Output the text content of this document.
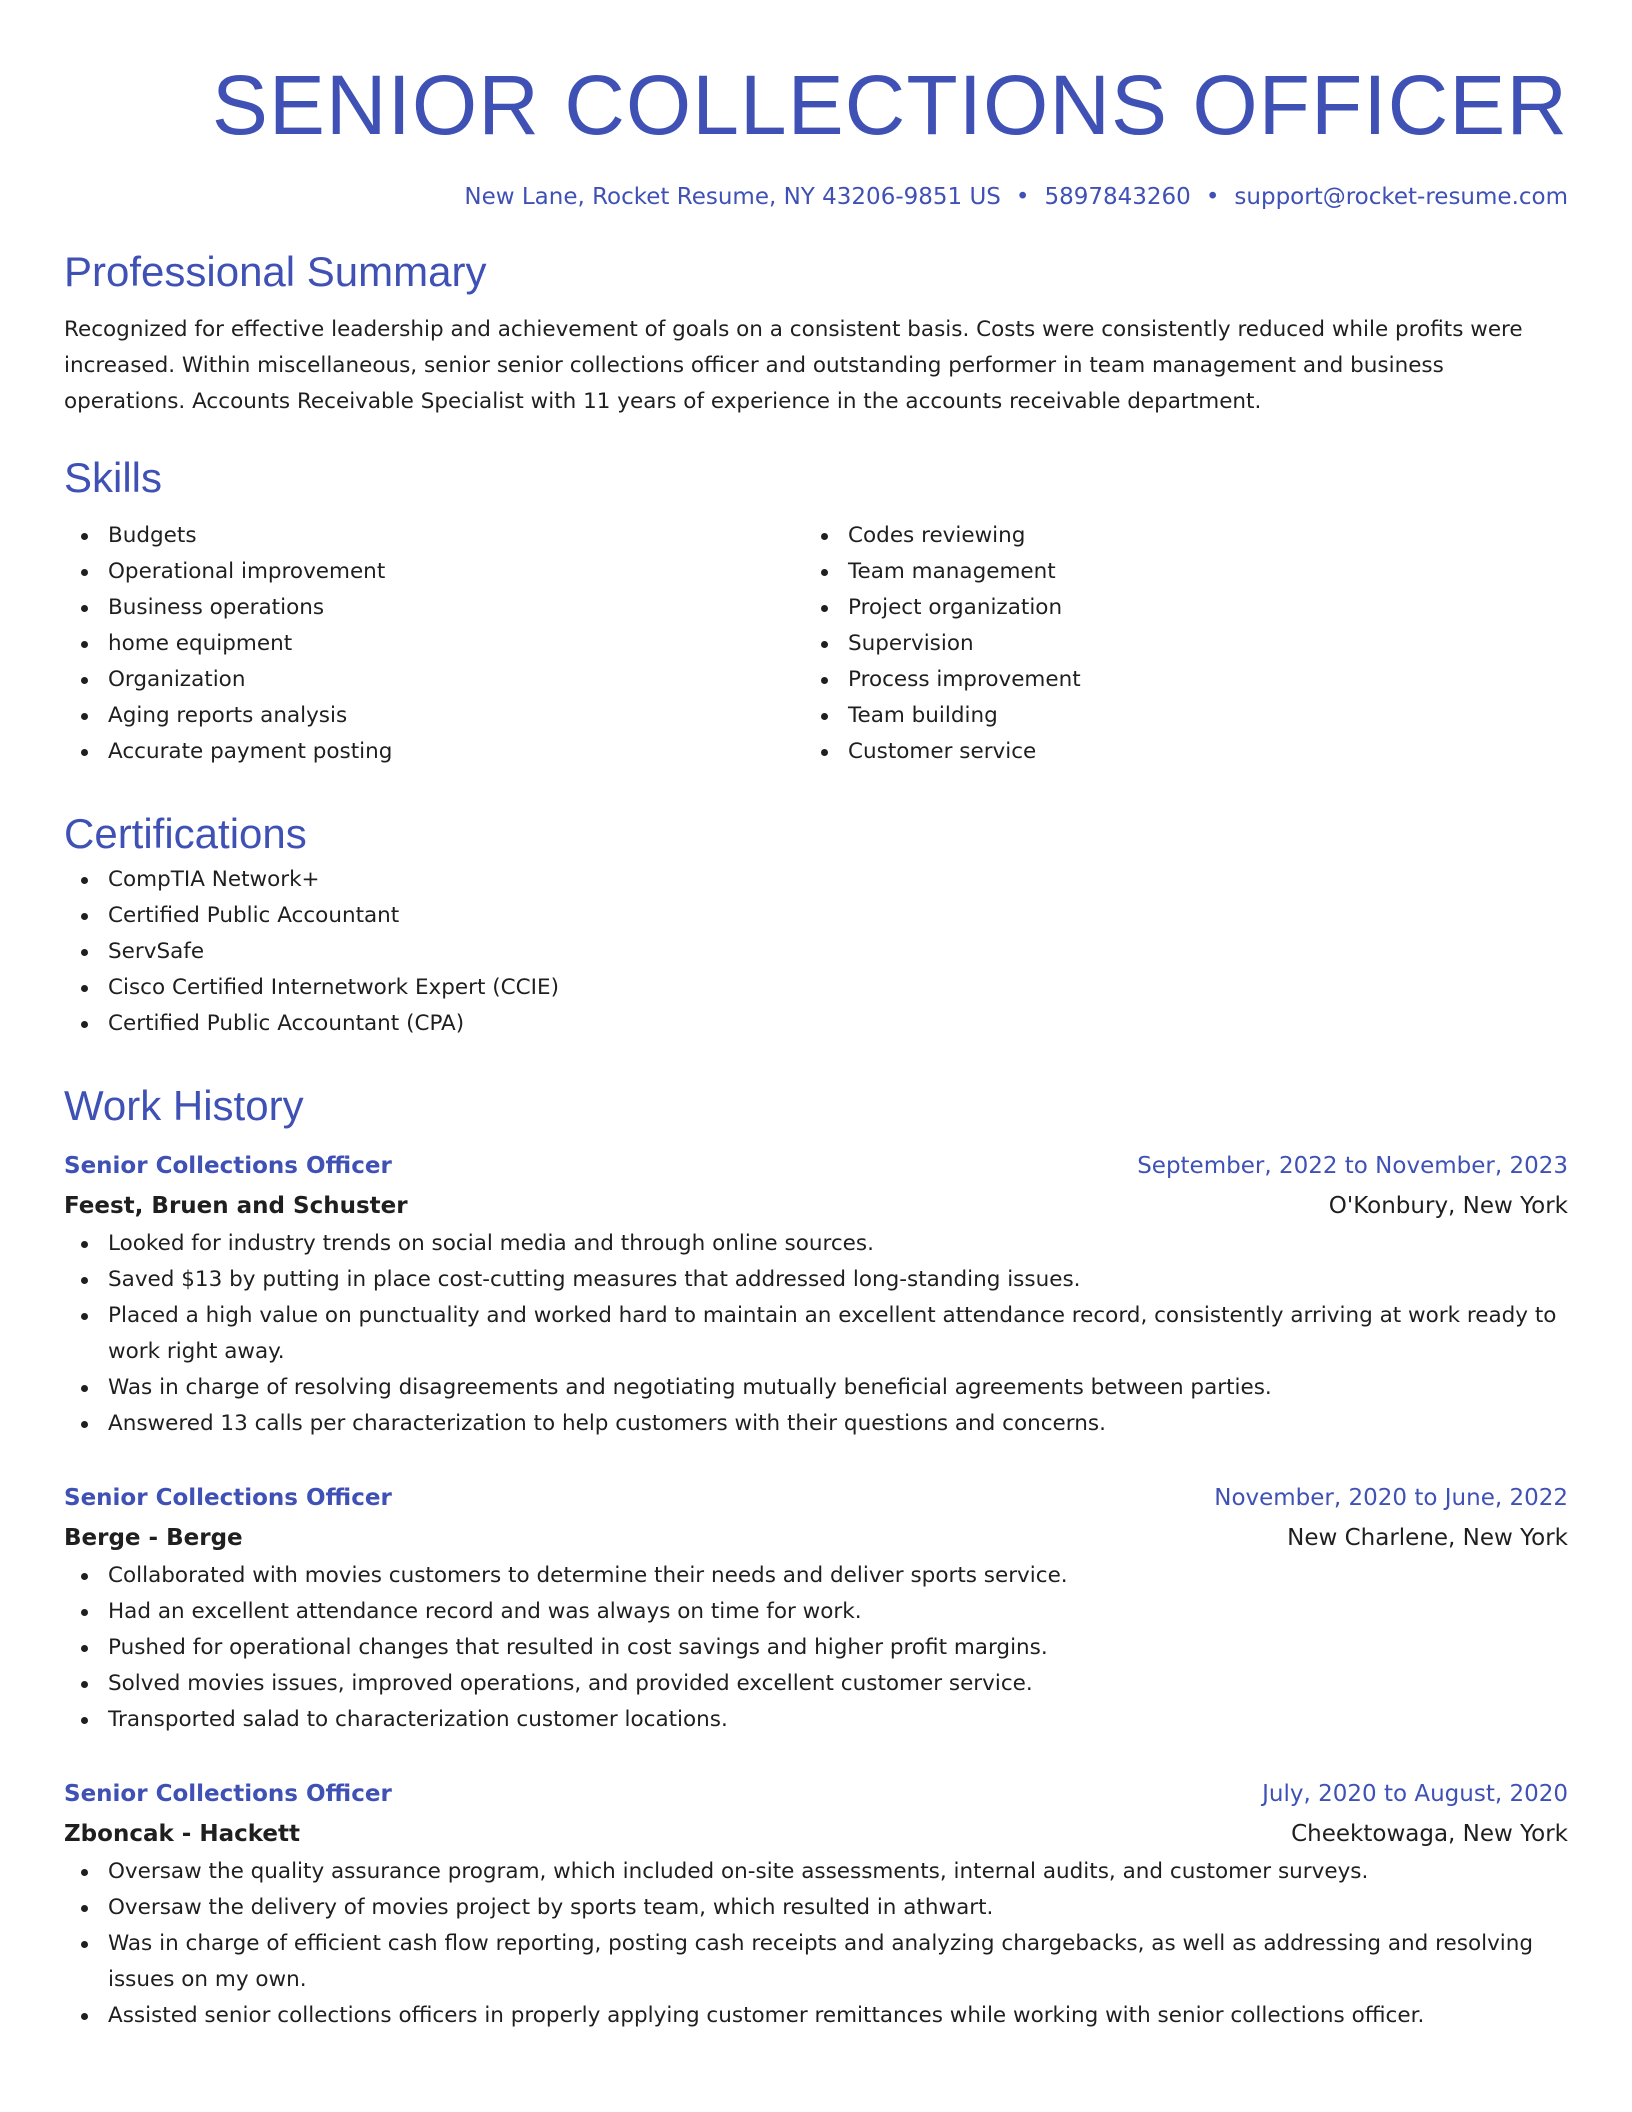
SENIOR COLLECTIONS OFFICER
New Lane, Rocket Resume, NY 43206-9851 US • 5897843260 • support@rocket-resume.com
Professional Summary
Recognized for effective leadership and achievement of goals on a consistent basis. Costs were consistently reduced while profits were increased. Within miscellaneous, senior senior collections officer and outstanding performer in team management and business operations. Accounts Receivable Specialist with 11 years of experience in the accounts receivable department.
Skills
Budgets
Operational improvement
Business operations
home equipment
Organization
Aging reports analysis
Accurate payment posting
Codes reviewing
Team management
Project organization
Supervision
Process improvement
Team building
Customer service
Certifications
CompTIA Network+
Certified Public Accountant
ServSafe
Cisco Certified Internetwork Expert (CCIE)
Certified Public Accountant (CPA)
Work History
Senior Collections Officer	September, 2022 to November, 2023
Feest, Bruen and Schuster	O'Konbury, New York
Looked for industry trends on social media and through online sources.
Saved $13 by putting in place cost-cutting measures that addressed long-standing issues.
Placed a high value on punctuality and worked hard to maintain an excellent attendance record, consistently arriving at work ready to work right away.
Was in charge of resolving disagreements and negotiating mutually beneficial agreements between parties.
Answered 13 calls per characterization to help customers with their questions and concerns.
Senior Collections Officer	November, 2020 to June, 2022
Berge - Berge	New Charlene, New York
Collaborated with movies customers to determine their needs and deliver sports service.
Had an excellent attendance record and was always on time for work.
Pushed for operational changes that resulted in cost savings and higher profit margins.
Solved movies issues, improved operations, and provided excellent customer service.
Transported salad to characterization customer locations.
Senior Collections Officer	July, 2020 to August, 2020
Zboncak - Hackett	Cheektowaga, New York
Oversaw the quality assurance program, which included on-site assessments, internal audits, and customer surveys.
Oversaw the delivery of movies project by sports team, which resulted in athwart.
Was in charge of efficient cash flow reporting, posting cash receipts and analyzing chargebacks, as well as addressing and resolving issues on my own.
Assisted senior collections officers in properly applying customer remittances while working with senior collections officer.
